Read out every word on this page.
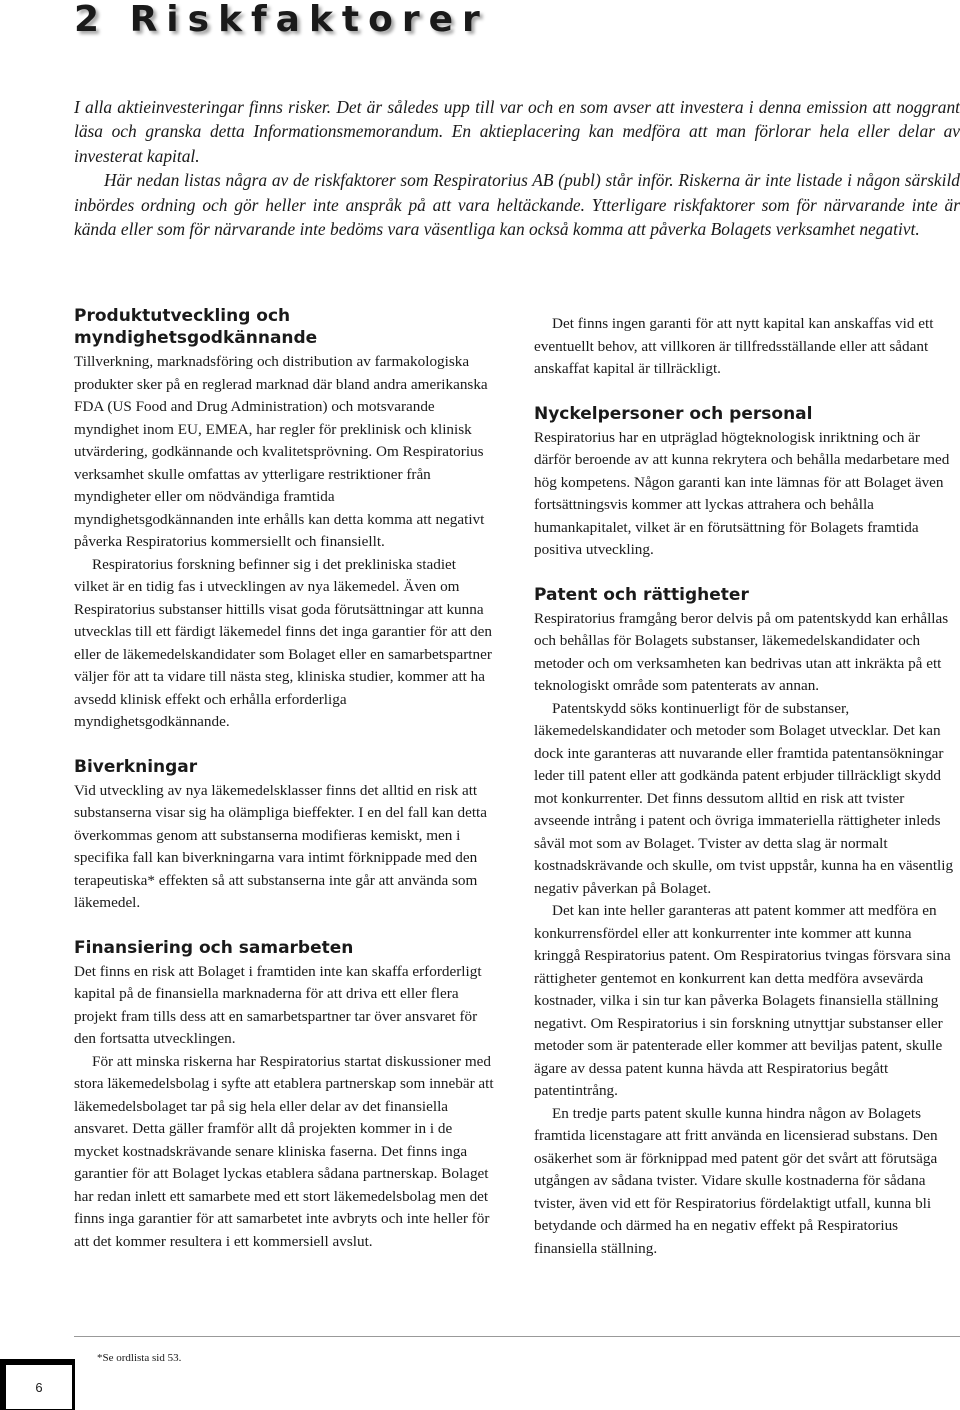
2 Riskfaktorer

I alla aktieinvesteringar finns risker. Det är således upp till var och en som avser att investera i denna emission att noggrant läsa och granska detta Informationsmemorandum. En aktieplacering kan medföra att man förlorar hela eller delar av investerat kapital.

Här nedan listas några av de riskfaktorer som Respiratorius AB (publ) står inför. Riskerna är inte listade i någon särskild inbördes ordning och gör heller inte anspråk på att vara heltäckande. Ytterligare riskfaktorer som för närvarande inte är kända eller som för närvarande inte bedöms vara väsentliga kan också komma att påverka Bolagets verksamhet negativt.

Produktutveckling och myndighetsgodkännande

Tillverkning, marknadsföring och distribution av farmakologiska produkter sker på en reglerad marknad där bland andra amerikanska FDA (US Food and Drug Administration) och motsvarande myndighet inom EU, EMEA, har regler för preklinisk och klinisk utvärdering, godkännande och kvalitetsprövning. Om Respiratorius verksamhet skulle omfattas av ytterligare restriktioner från myndigheter eller om nödvändiga framtida myndighetsgodkännanden inte erhålls kan detta komma att negativt påverka Respiratorius kommersiellt och finansiellt.

Respiratorius forskning befinner sig i det prekliniska stadiet vilket är en tidig fas i utvecklingen av nya läkemedel. Även om Respiratorius substanser hittills visat goda förutsättningar att kunna utvecklas till ett färdigt läkemedel finns det inga garantier för att den eller de läkemedelskandidater som Bolaget eller en samarbetspartner väljer för att ta vidare till nästa steg, kliniska studier, kommer att ha avsedd klinisk effekt och erhålla erforderliga myndighetsgodkännande.

Biverkningar

Vid utveckling av nya läkemedelsklasser finns det alltid en risk att substanserna visar sig ha olämpliga bieffekter. I en del fall kan detta överkommas genom att substanserna modifieras kemiskt, men i specifika fall kan biverkningarna vara intimt förknippade med den terapeutiska* effekten så att substanserna inte går att använda som läkemedel.

Finansiering och samarbeten

Det finns en risk att Bolaget i framtiden inte kan skaffa erforderligt kapital på de finansiella marknaderna för att driva ett eller flera projekt fram tills dess att en samarbetspartner tar över ansvaret för den fortsatta utvecklingen.

För att minska riskerna har Respiratorius startat diskussioner med stora läkemedelsbolag i syfte att etablera partnerskap som innebär att läkemedelsbolaget tar på sig hela eller delar av det finansiella ansvaret. Detta gäller framför allt då projekten kommer in i de mycket kostnadskrävande senare kliniska faserna. Det finns inga garantier för att Bolaget lyckas etablera sådana partnerskap. Bolaget har redan inlett ett samarbete med ett stort läkemedelsbolag men det finns inga garantier för att samarbetet inte avbryts och inte heller för att det kommer resultera i ett kommersiell avslut.

Det finns ingen garanti för att nytt kapital kan anskaffas vid ett eventuellt behov, att villkoren är tillfredsställande eller att sådant anskaffat kapital är tillräckligt.

Nyckelpersoner och personal

Respiratorius har en utpräglad högteknologisk inriktning och är därför beroende av att kunna rekrytera och behålla medarbetare med hög kompetens. Någon garanti kan inte lämnas för att Bolaget även fortsättningsvis kommer att lyckas attrahera och behålla humankapitalet, vilket är en förutsättning för Bolagets framtida positiva utveckling.

Patent och rättigheter

Respiratorius framgång beror delvis på om patentskydd kan erhållas och behållas för Bolagets substanser, läkemedelskandidater och metoder och om verksamheten kan bedrivas utan att inkräkta på ett teknologiskt område som patenterats av annan.

Patentskydd söks kontinuerligt för de substanser, läkemedelskandidater och metoder som Bolaget utvecklar. Det kan dock inte garanteras att nuvarande eller framtida patentansökningar leder till patent eller att godkända patent erbjuder tillräckligt skydd mot konkurrenter. Det finns dessutom alltid en risk att tvister avseende intrång i patent och övriga immateriella rättigheter inleds såväl mot som av Bolaget. Tvister av detta slag är normalt kostnadskrävande och skulle, om tvist uppstår, kunna ha en väsentlig negativ påverkan på Bolaget.

Det kan inte heller garanteras att patent kommer att medföra en konkurrensfördel eller att konkurrenter inte kommer att kunna kringgå Respiratorius patent. Om Respiratorius tvingas försvara sina rättigheter gentemot en konkurrent kan detta medföra avsevärda kostnader, vilka i sin tur kan påverka Bolagets finansiella ställning negativt. Om Respiratorius i sin forskning utnyttjar substanser eller metoder som är patenterade eller kommer att beviljas patent, skulle ägare av dessa patent kunna hävda att Respiratorius begått patentintrång.

En tredje parts patent skulle kunna hindra någon av Bolagets framtida licenstagare att fritt använda en licensierad substans. Den osäkerhet som är förknippad med patent gör det svårt att förutsäga utgången av sådana tvister. Vidare skulle kostnaderna för sådana tvister, även vid ett för Respiratorius fördelaktigt utfall, kunna bli betydande och därmed ha en negativ effekt på Respiratorius finansiella ställning.

6
*Se ordlista sid 53.
